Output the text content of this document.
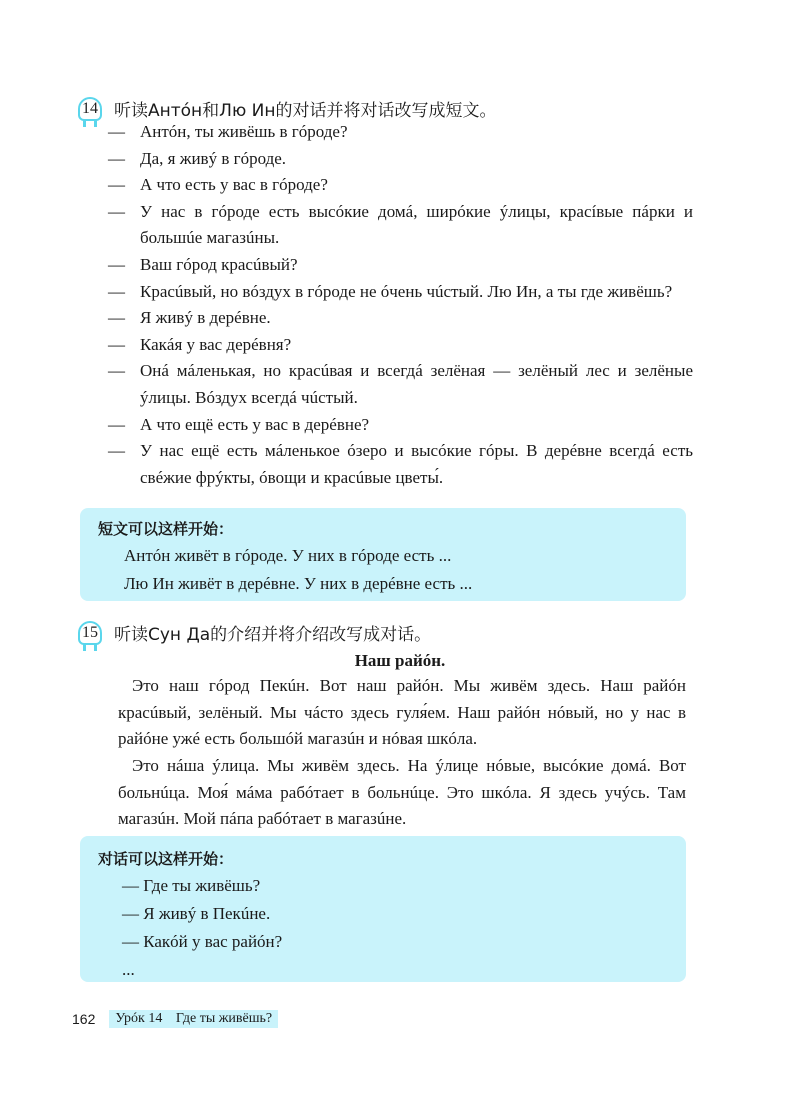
14 听读Антóн和Лю Ин的对话并将对话改写成短文。
— Антóн, ты живёшь в гóроде?
— Да, я живý в гóроде.
— А что есть у вас в гóроде?
— У нас в гóроде есть высóкие домá, ширóкие ýлицы, красíвые пáрки и большúе магазúны.
— Ваш гóрод красúвый?
— Красúвый, но вóздух в гóроде не óчень чúстый. Лю Ин, а ты где живёшь?
— Я живý в дерéвне.
— Какáя у вас дерéвня?
— Онá мáленькая, но красúвая и всегдá зелёная — зелёный лес и зелёные ýлицы. Вóздух всегдá чúстый.
— А что ещё есть у вас в дерéвне?
— У нас ещё есть мáленькое óзеро и высóкие гóры. В дерéвне всегдá есть свéжие фрýкты, óвощи и красúвые цветы́.
短文可以这样开始：
Антóн живёт в гóроде. У них в гóроде есть ...
Лю Ин живёт в дерéвне. У них в дерéвне есть ...
15 听读Сун Да的介绍并将介绍改写成对话。
Наш райóн.

Это наш гóрод Пекúн. Вот наш райóн. Мы живём здесь. Наш райóн красúвый, зелёный. Мы чáсто здесь гуля́ем. Наш райóн нóвый, но у нас в райóне ужé есть большóй магазúн и нóвая шкóла.

Это нáша ýлица. Мы живём здесь. На ýлице нóвые, высóкие домá. Вот больнúца. Моя́ мáма рабóтает в больнúце. Это шкóла. Я здесь учýсь. Там магазúн. Мой пáпа рабóтает в магазúне.

对话可以这样开始：
— Где ты живёшь?
— Я живý в Пекúне.
— Какóй у вас райóн?
...
162	Урóк 14 Где ты живёшь?
